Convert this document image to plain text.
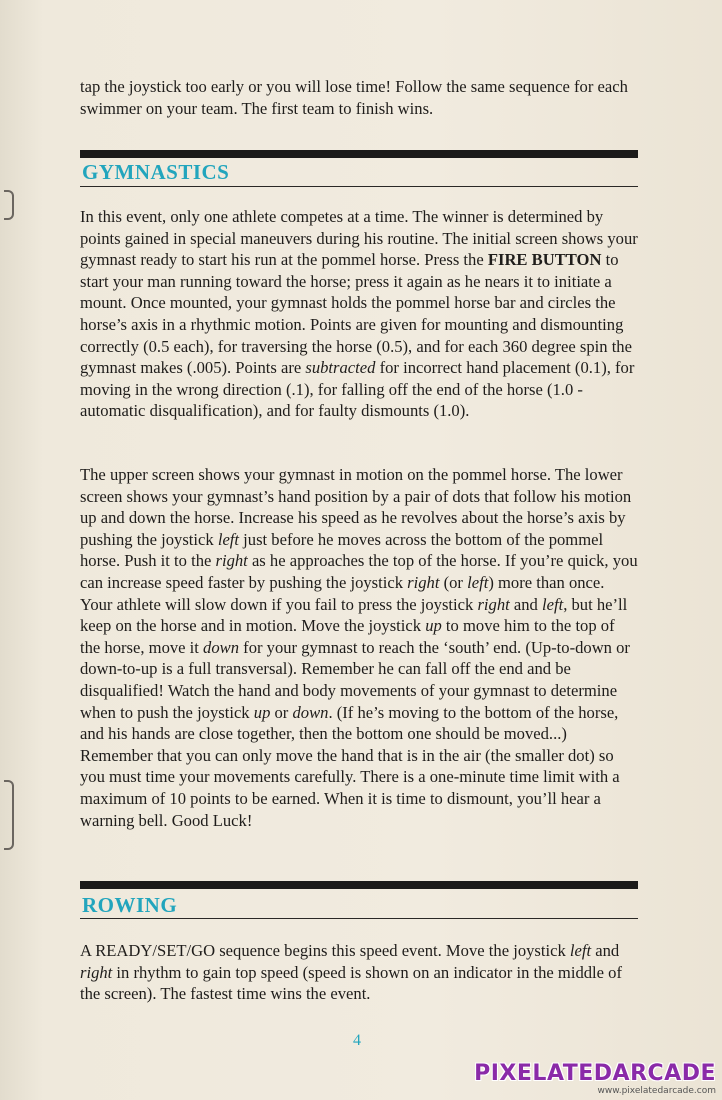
tap the joystick too early or you will lose time! Follow the same sequence for each swimmer on your team. The first team to finish wins.

GYMNASTICS

In this event, only one athlete competes at a time. The winner is determined by points gained in special maneuvers during his routine. The initial screen shows your gymnast ready to start his run at the pommel horse. Press the FIRE BUTTON to start your man running toward the horse; press it again as he nears it to initiate a mount. Once mounted, your gymnast holds the pommel horse bar and circles the horse’s axis in a rhythmic motion. Points are given for mounting and dismounting correctly (0.5 each), for traversing the horse (0.5), and for each 360 degree spin the gymnast makes (.005). Points are subtracted for incorrect hand placement (0.1), for moving in the wrong direction (.1), for falling off the end of the horse (1.0 - automatic disqualification), and for faulty dismounts (1.0).

The upper screen shows your gymnast in motion on the pommel horse. The lower screen shows your gymnast’s hand position by a pair of dots that follow his motion up and down the horse. Increase his speed as he revolves about the horse’s axis by pushing the joystick left just before he moves across the bottom of the pommel horse. Push it to the right as he approaches the top of the horse. If you’re quick, you can increase speed faster by pushing the joystick right (or left) more than once. Your athlete will slow down if you fail to press the joystick right and left, but he’ll keep on the horse and in motion. Move the joystick up to move him to the top of the horse, move it down for your gymnast to reach the ‘south’ end. (Up-to-down or down-to-up is a full transversal). Remember he can fall off the end and be disqualified! Watch the hand and body movements of your gymnast to determine when to push the joystick up or down. (If he’s moving to the bottom of the horse, and his hands are close together, then the bottom one should be moved...) Remember that you can only move the hand that is in the air (the smaller dot) so you must time your movements carefully. There is a one-minute time limit with a maximum of 10 points to be earned. When it is time to dismount, you’ll hear a warning bell. Good Luck!

ROWING

A READY/SET/GO sequence begins this speed event. Move the joystick left and right in rhythm to gain top speed (speed is shown on an indicator in the middle of the screen). The fastest time wins the event.

4
PIXELATEDARCADE
www.pixelatedarcade.com
